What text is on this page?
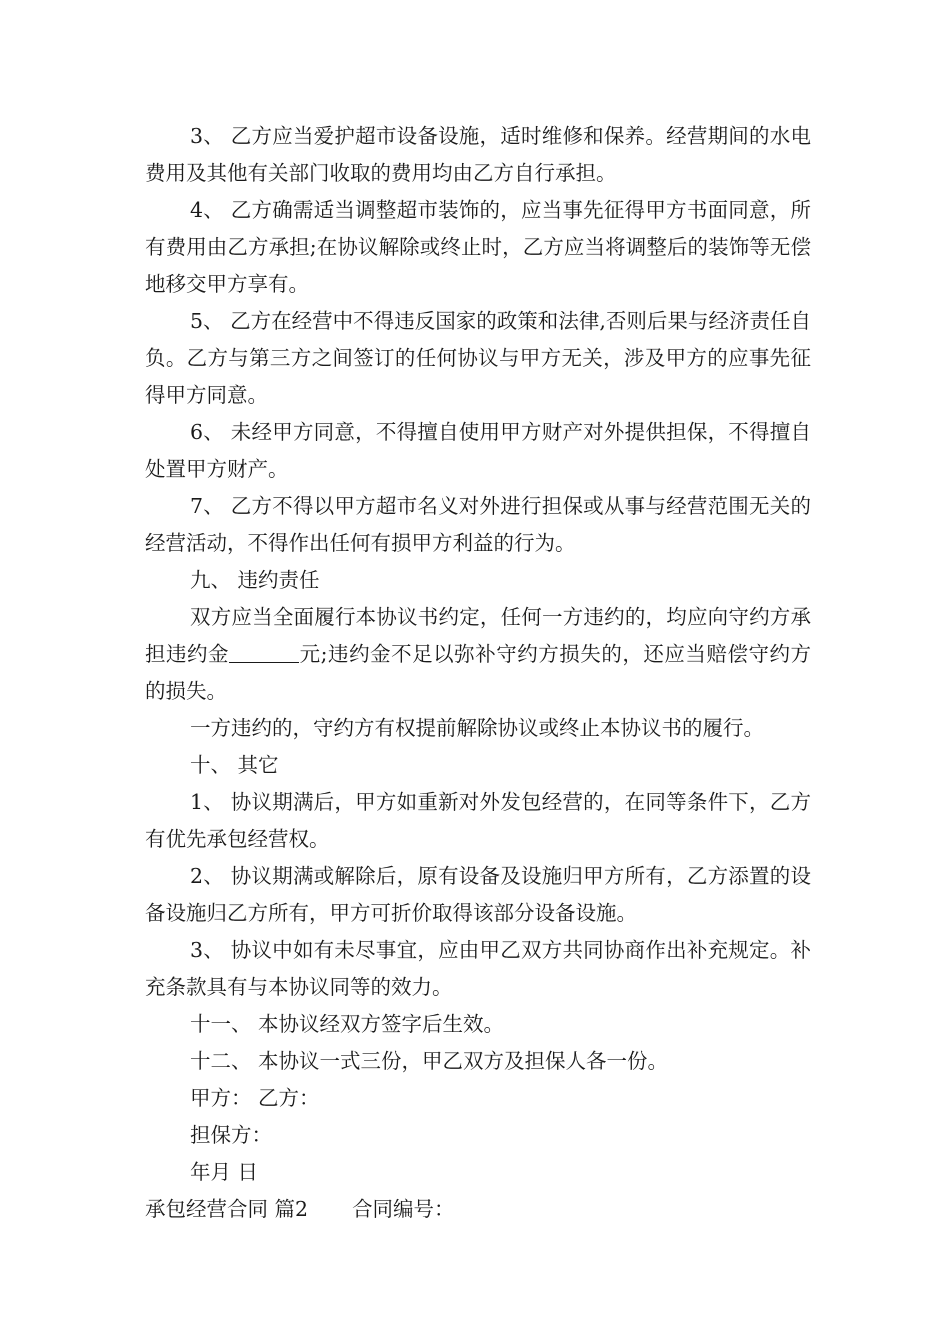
3、 乙方应当爱护超市设备设施，适时维修和保养。经营期间的水电费用及其他有关部门收取的费用均由乙方自行承担。

4、 乙方确需适当调整超市装饰的，应当事先征得甲方书面同意，所有费用由乙方承担;在协议解除或终止时，乙方应当将调整后的装饰等无偿地移交甲方享有。

5、 乙方在经营中不得违反国家的政策和法律,否则后果与经济责任自负。乙方与第三方之间签订的任何协议与甲方无关，涉及甲方的应事先征得甲方同意。

6、 未经甲方同意，不得擅自使用甲方财产对外提供担保，不得擅自处置甲方财产。

7、 乙方不得以甲方超市名义对外进行担保或从事与经营范围无关的经营活动，不得作出任何有损甲方利益的行为。

九、 违约责任

双方应当全面履行本协议书约定，任何一方违约的，均应向守约方承担违约金	元;违约金不足以弥补守约方损失的，还应当赔偿守约方的损失。

一方违约的，守约方有权提前解除协议或终止本协议书的履行。

十、 其它

1、 协议期满后，甲方如重新对外发包经营的，在同等条件下，乙方有优先承包经营权。

2、 协议期满或解除后，原有设备及设施归甲方所有，乙方添置的设备设施归乙方所有，甲方可折价取得该部分设备设施。

3、 协议中如有未尽事宜，应由甲乙双方共同协商作出补充规定。补充条款具有与本协议同等的效力。

十一、 本协议经双方签字后生效。

十二、 本协议一式三份，甲乙双方及担保人各一份。

甲方： 乙方：

担保方：

年月 日

承包经营合同 篇2 合同编号：
